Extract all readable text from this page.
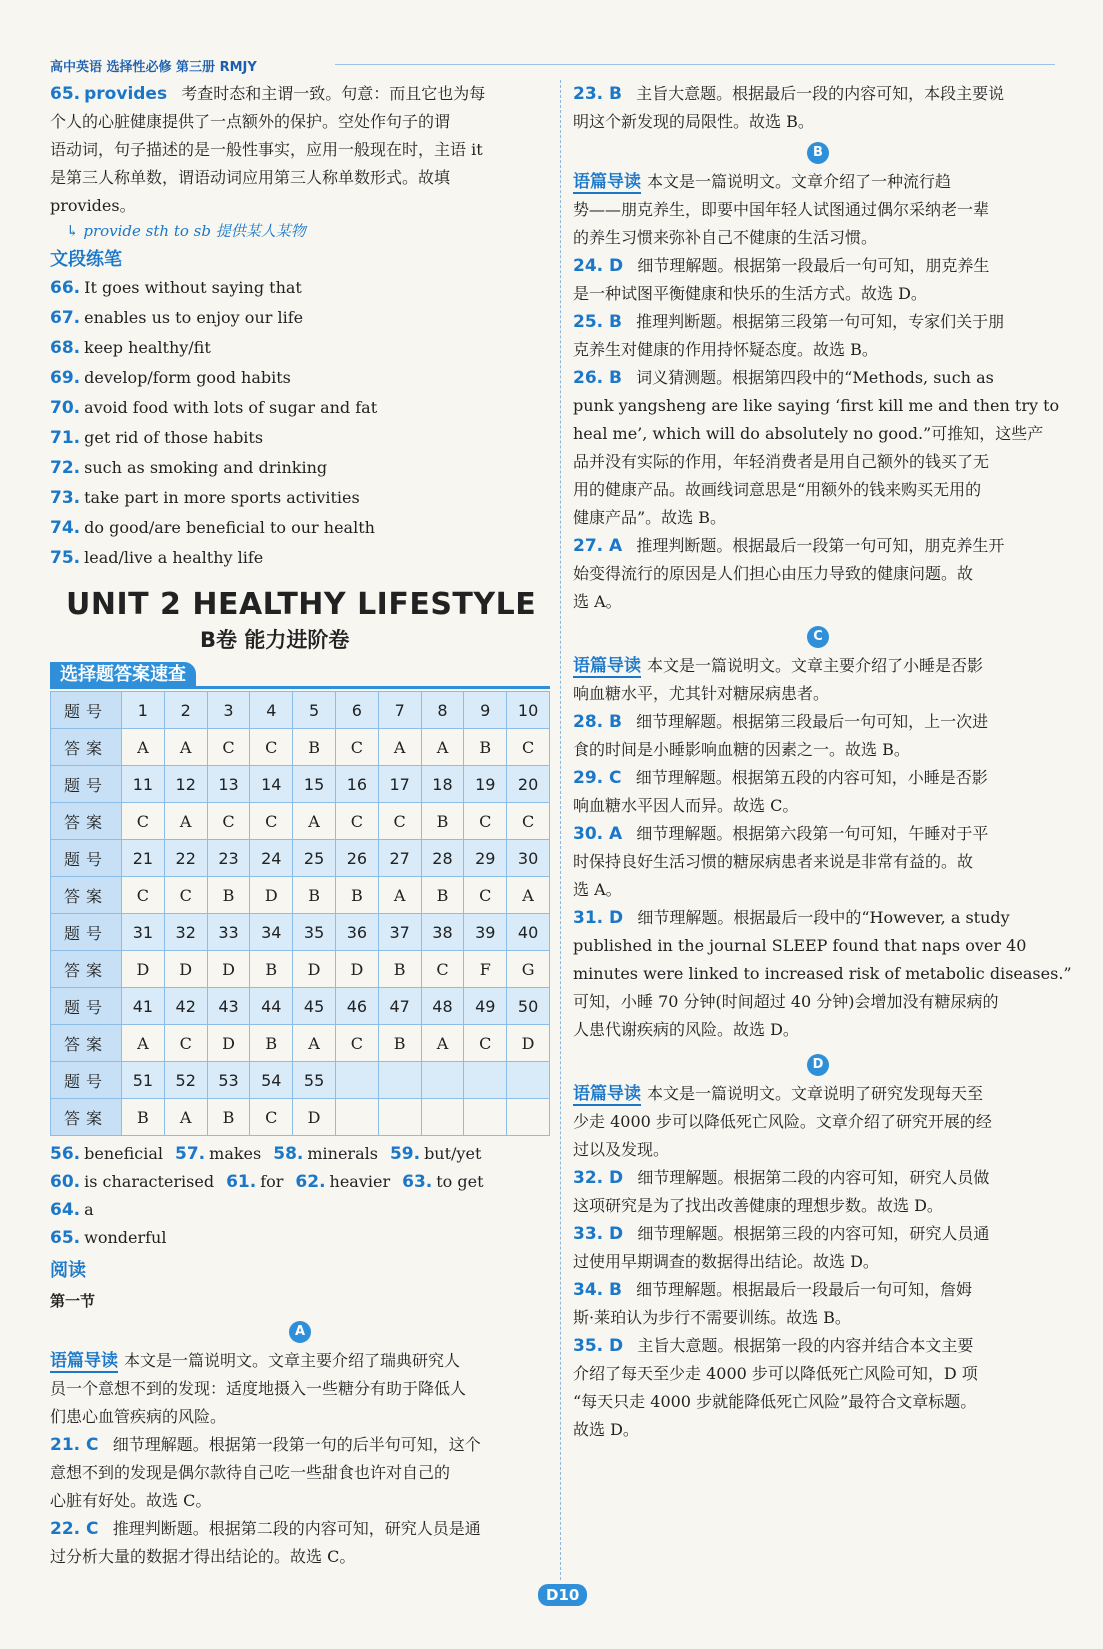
高中英语 选择性必修 第三册 RMJY

65. provides 考查时态和主谓一致。句意：而且它也为每

个人的心脏健康提供了一点额外的保护。空处作句子的谓

语动词，句子描述的是一般性事实，应用一般现在时，主语 it

是第三人称单数，谓语动词应用第三人称单数形式。故填

provides。

↳ provide sth to sb 提供某人某物

文段练笔

66. It goes without saying that

67. enables us to enjoy our life

68. keep healthy/fit

69. develop/form good habits

70. avoid food with lots of sugar and fat

71. get rid of those habits

72. such as smoking and drinking

73. take part in more sports activities

74. do good/are beneficial to our health

75. lead/live a healthy life

UNIT 2 HEALTHY LIFESTYLE
B卷 能力进阶卷
选择题答案速查
题号	1	2	3	4	5	6	7	8	9	10
答案	A	A	C	C	B	C	A	A	B	C
题号	11	12	13	14	15	16	17	18	19	20
答案	C	A	C	C	A	C	C	B	C	C
题号	21	22	23	24	25	26	27	28	29	30
答案	C	C	B	D	B	B	A	B	C	A
题号	31	32	33	34	35	36	37	38	39	40
答案	D	D	D	B	D	D	B	C	F	G
题号	41	42	43	44	45	46	47	48	49	50
答案	A	C	D	B	A	C	B	A	C	D
题号	51	52	53	54	55					
答案	B	A	B	C	D					
56. beneficial 57. makes 58. minerals 59. but/yet
60. is characterised 61. for 62. heavier 63. to get64. a
65. wonderful
阅读
第一节
A

语篇导读 本文是一篇说明文。文章主要介绍了瑞典研究人

员一个意想不到的发现：适度地摄入一些糖分有助于降低人

们患心血管疾病的风险。

21. C 细节理解题。根据第一段第一句的后半句可知，这个

意想不到的发现是偶尔款待自己吃一些甜食也许对自己的

心脏有好处。故选 C。

22. C 推理判断题。根据第二段的内容可知，研究人员是通

过分析大量的数据才得出结论的。故选 C。

23. B 主旨大意题。根据最后一段的内容可知，本段主要说

明这个新发现的局限性。故选 B。

B

语篇导读 本文是一篇说明文。文章介绍了一种流行趋

势——朋克养生，即要中国年轻人试图通过偶尔采纳老一辈

的养生习惯来弥补自己不健康的生活习惯。

24. D 细节理解题。根据第一段最后一句可知，朋克养生

是一种试图平衡健康和快乐的生活方式。故选 D。

25. B 推理判断题。根据第三段第一句可知，专家们关于朋

克养生对健康的作用持怀疑态度。故选 B。

26. B 词义猜测题。根据第四段中的“Methods, such as

punk yangsheng are like saying ‘first kill me and then try to

heal me’, which will do absolutely no good.”可推知，这些产

品并没有实际的作用，年轻消费者是用自己额外的钱买了无

用的健康产品。故画线词意思是“用额外的钱来购买无用的

健康产品”。故选 B。

27. A 推理判断题。根据最后一段第一句可知，朋克养生开

始变得流行的原因是人们担心由压力导致的健康问题。故

选 A。

C

语篇导读 本文是一篇说明文。文章主要介绍了小睡是否影

响血糖水平，尤其针对糖尿病患者。

28. B 细节理解题。根据第三段最后一句可知，上一次进

食的时间是小睡影响血糖的因素之一。故选 B。

29. C 细节理解题。根据第五段的内容可知，小睡是否影

响血糖水平因人而异。故选 C。

30. A 细节理解题。根据第六段第一句可知，午睡对于平

时保持良好生活习惯的糖尿病患者来说是非常有益的。故

选 A。

31. D 细节理解题。根据最后一段中的“However, a study

published in the journal SLEEP found that naps over 40

minutes were linked to increased risk of metabolic diseases.”

可知，小睡 70 分钟(时间超过 40 分钟)会增加没有糖尿病的

人患代谢疾病的风险。故选 D。

D

语篇导读 本文是一篇说明文。文章说明了研究发现每天至

少走 4000 步可以降低死亡风险。文章介绍了研究开展的经

过以及发现。

32. D 细节理解题。根据第二段的内容可知，研究人员做

这项研究是为了找出改善健康的理想步数。故选 D。

33. D 细节理解题。根据第三段的内容可知，研究人员通

过使用早期调查的数据得出结论。故选 D。

34. B 细节理解题。根据最后一段最后一句可知，詹姆

斯·莱珀认为步行不需要训练。故选 B。

35. D 主旨大意题。根据第一段的内容并结合本文主要

介绍了每天至少走 4000 步可以降低死亡风险可知，D 项

“每天只走 4000 步就能降低死亡风险”最符合文章标题。

故选 D。

D10
